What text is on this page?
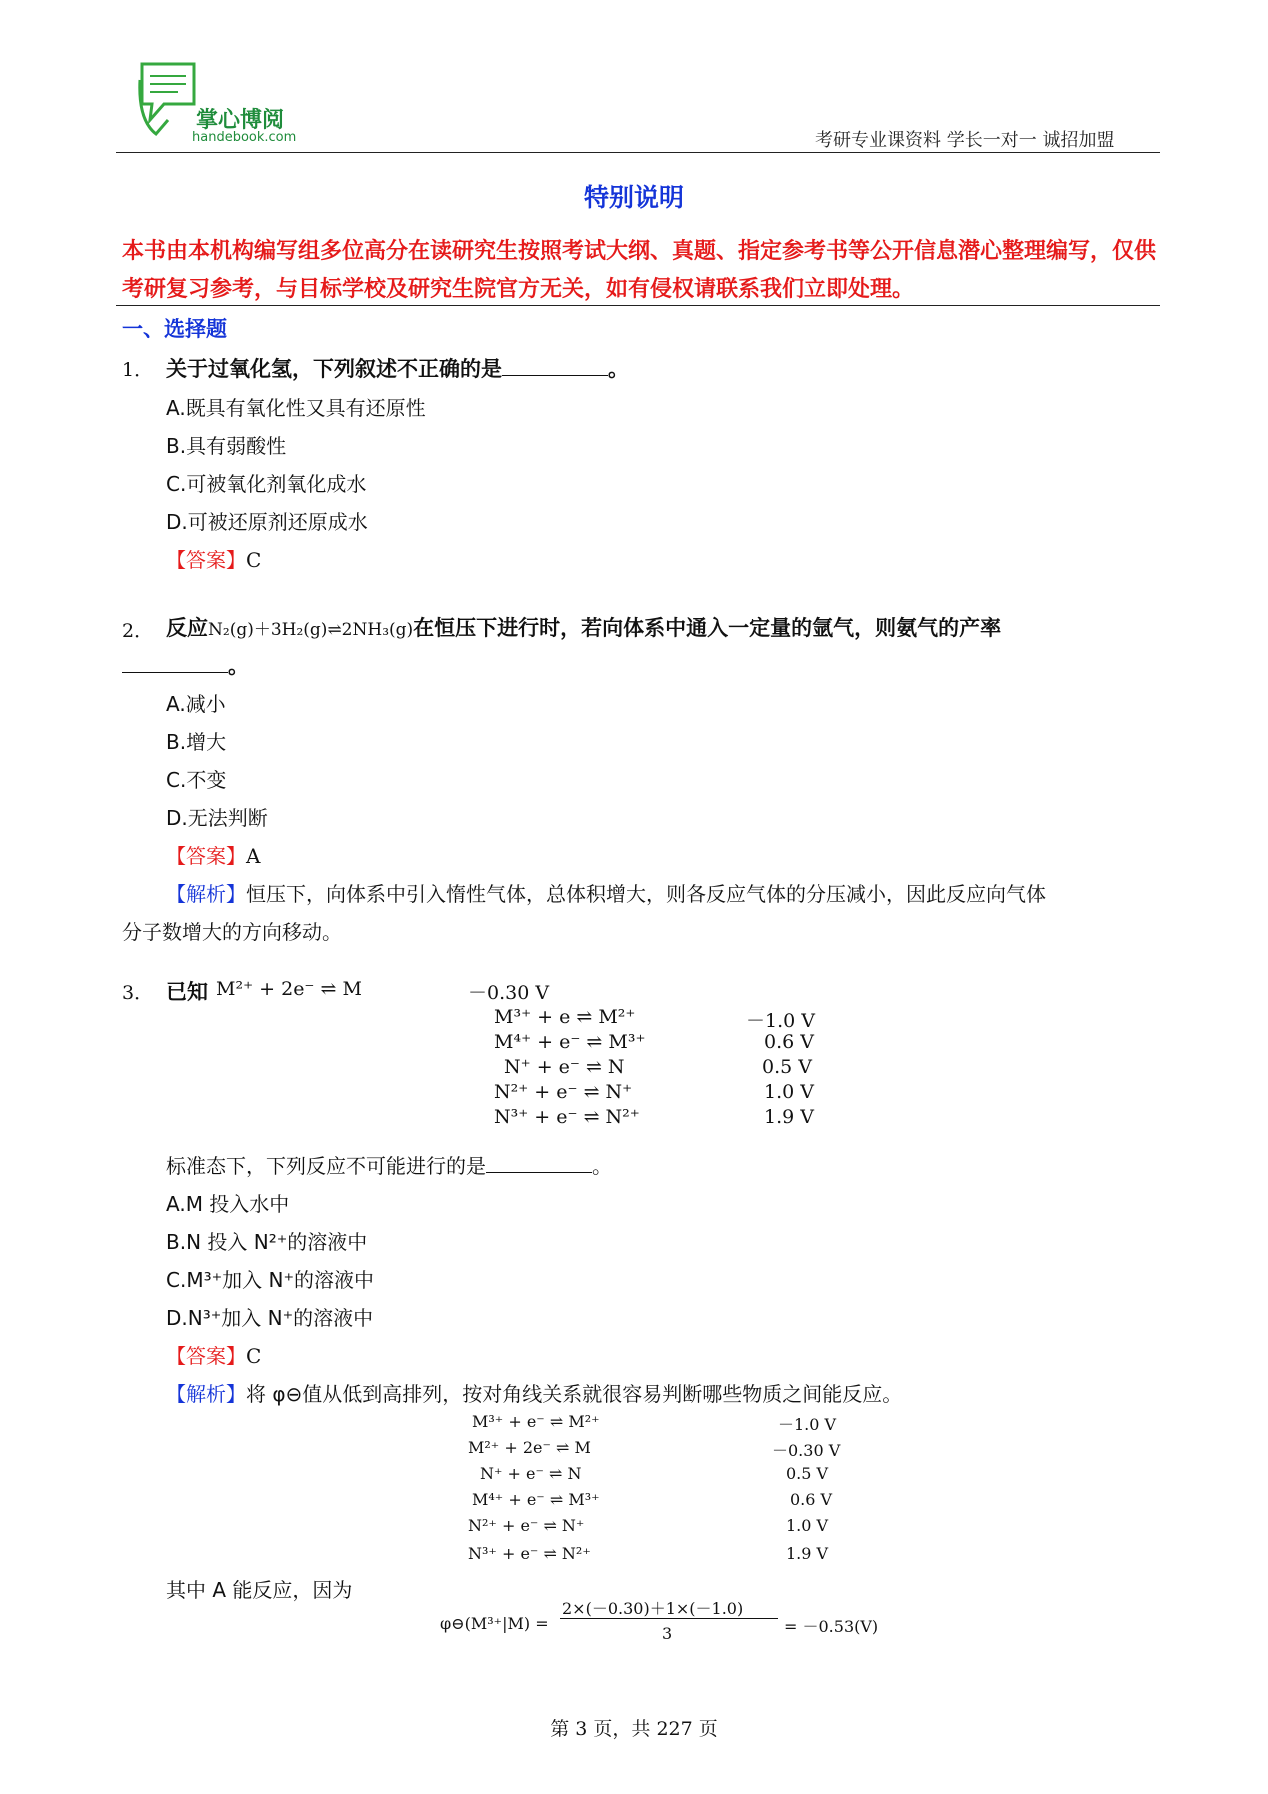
掌心博阅
handebook.com	考研专业课资料 学长一对一 诚招加盟
特别说明
本书由本机构编写组多位高分在读研究生按照考试大纲、真题、指定参考书等公开信息潜心整理编写，仅供考研复习参考，与目标学校及研究生院官方无关，如有侵权请联系我们立即处理。
一、选择题
1． 关于过氧化氢，下列叙述不正确的是	。
A.既具有氧化性又具有还原性
B.具有弱酸性
C.可被氧化剂氧化成水
D.可被还原剂还原成水
【答案】C
2． 反应N₂(g)＋3H₂(g)⇌2NH₃(g)在恒压下进行时，若向体系中通入一定量的氩气，则氨气的产率
。
A.减小
B.增大
C.不变
D.无法判断
【答案】A
【解析】恒压下，向体系中引入惰性气体，总体积增大，则各反应气体的分压减小，因此反应向气体
分子数增大的方向移动。
3． 已知 M²⁺ + 2e⁻ ⇌ M	－0.30 V
M³⁺ + e ⇌ M²⁺	－1.0 V
M⁴⁺ + e⁻ ⇌ M³⁺	0.6 V
N⁺ + e⁻ ⇌ N	0.5 V
N²⁺ + e⁻ ⇌ N⁺	1.0 V
N³⁺ + e⁻ ⇌ N²⁺	1.9 V
标准态下，下列反应不可能进行的是	。
A.M 投入水中
B.N 投入 N²⁺的溶液中
C.M³⁺加入 N⁺的溶液中
D.N³⁺加入 N⁺的溶液中
【答案】C
【解析】将 φ⊖值从低到高排列，按对角线关系就很容易判断哪些物质之间能反应。
M³⁺ + e⁻ ⇌ M²⁺	－1.0 V
M²⁺ + 2e⁻ ⇌ M	－0.30 V
N⁺ + e⁻ ⇌ N	0.5 V
M⁴⁺ + e⁻ ⇌ M³⁺	0.6 V
N²⁺ + e⁻ ⇌ N⁺	1.0 V
N³⁺ + e⁻ ⇌ N²⁺	1.9 V
其中 A 能反应，因为
φ⊖(M³⁺|M) =
2×(－0.30)＋1×(－1.0)
3	= －0.53(V)
第 3 页，共 227 页
